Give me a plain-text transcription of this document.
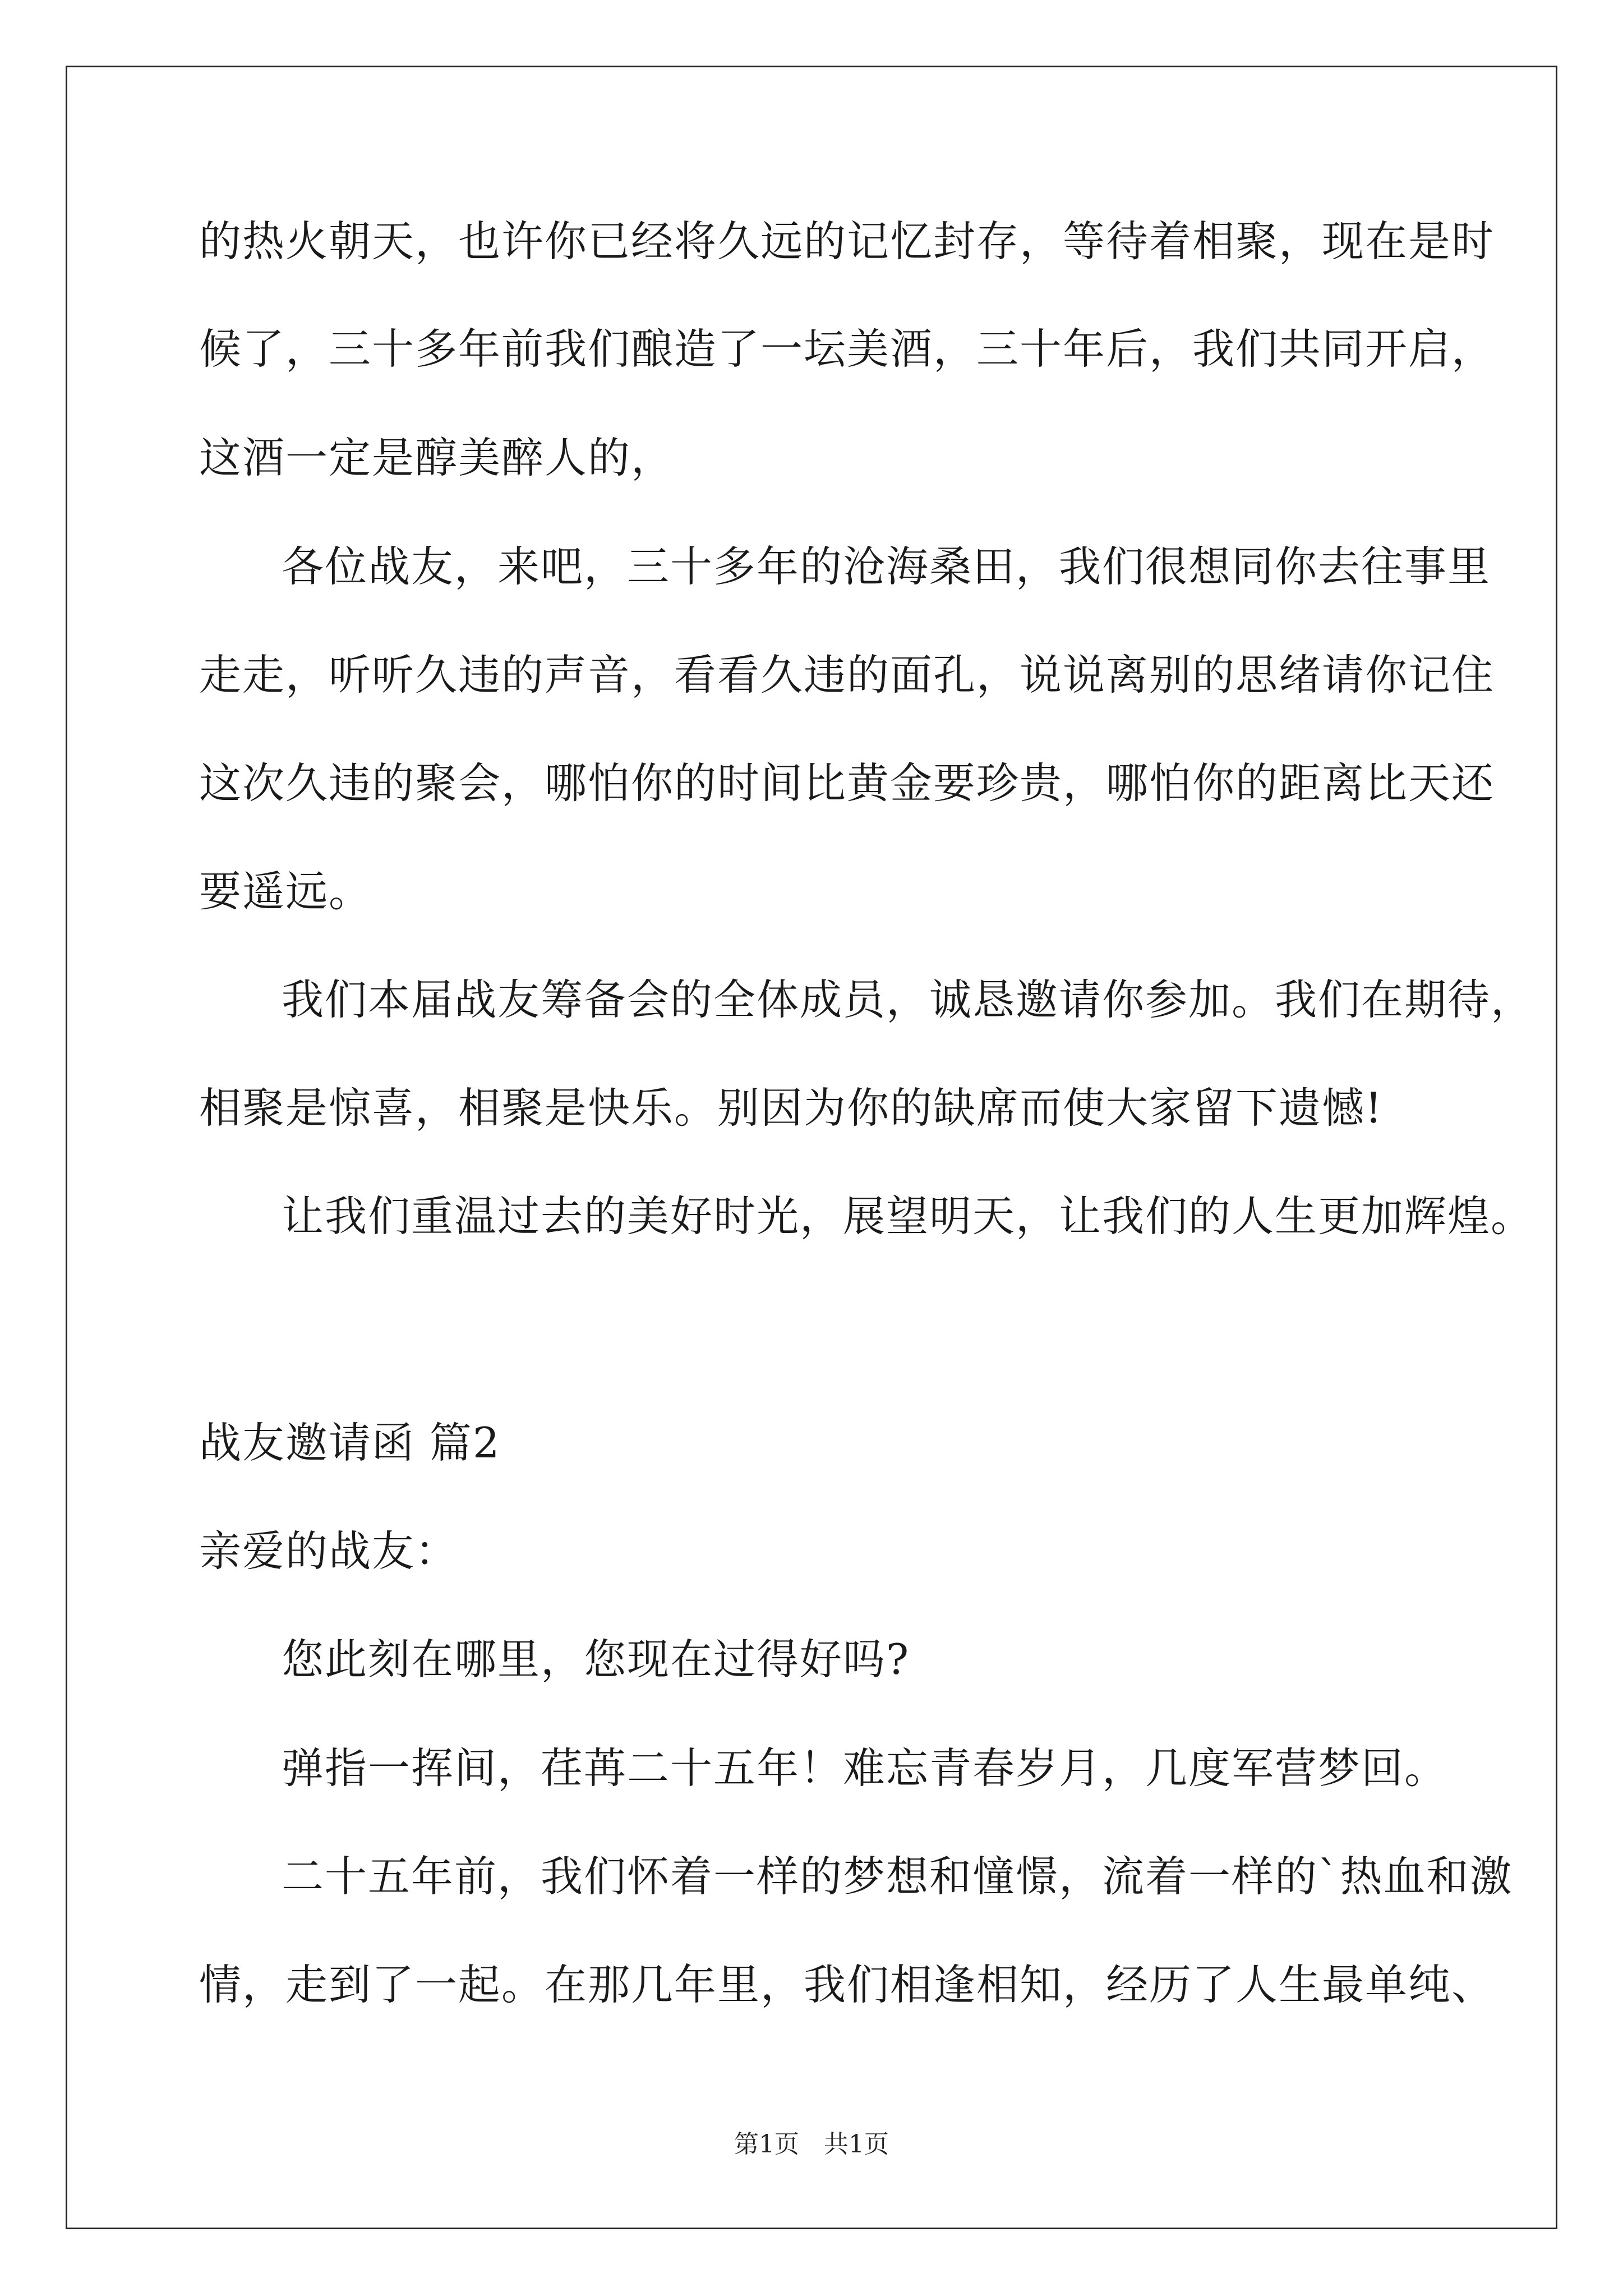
的热火朝天，也许你已经将久远的记忆封存，等待着相聚，现在是时
候了，三十多年前我们酿造了一坛美酒，三十年后，我们共同开启，
这酒一定是醇美醉人的，
各位战友，来吧，三十多年的沧海桑田，我们很想同你去往事里
走走，听听久违的声音，看看久违的面孔，说说离别的思绪请你记住
这次久违的聚会，哪怕你的时间比黄金要珍贵，哪怕你的距离比天还
要遥远。
我们本届战友筹备会的全体成员，诚恳邀请你参加。我们在期待，
相聚是惊喜，相聚是快乐。别因为你的缺席而使大家留下遗憾!
让我们重温过去的美好时光，展望明天，让我们的人生更加辉煌。
战友邀请函 篇2
亲爱的战友：
您此刻在哪里，您现在过得好吗?
弹指一挥间，荏苒二十五年！难忘青春岁月，几度军营梦回。
二十五年前，我们怀着一样的梦想和憧憬，流着一样的`热血和激
情，走到了一起。在那几年里，我们相逢相知，经历了人生最单纯、
第1页　共1页
